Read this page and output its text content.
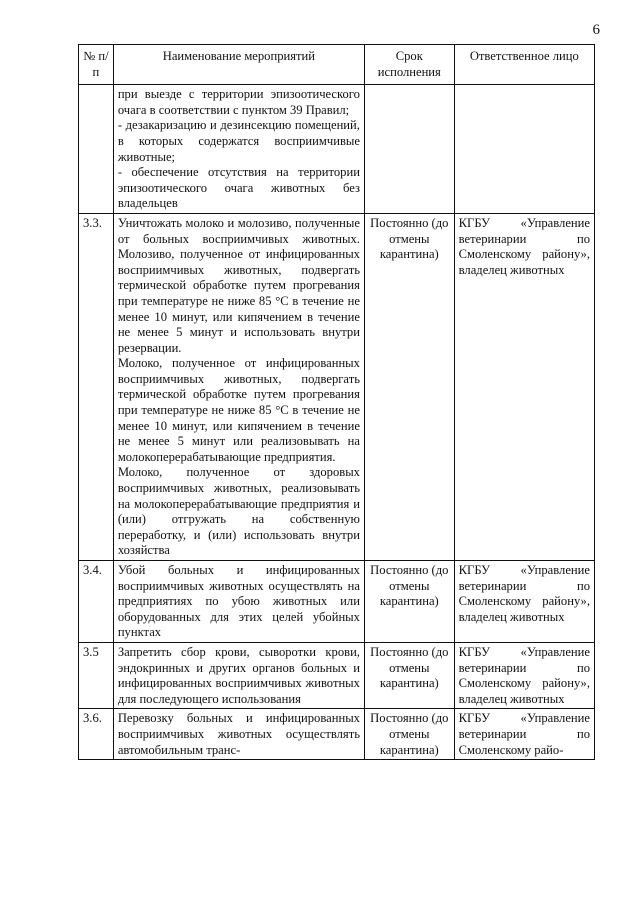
6
№ п/п	Наименование мероприятий	Срок исполнения	Ответственное лицо

	при выезде с территории эпизоотического очага в соответствии с пунктом 39 Правил;
- дезакаризацию и дезинсекцию помещений, в которых содержатся восприимчивые животные;
- обеспечение отсутствия на территории эпизоотического очага животных без владельцев		

3.3.	Уничтожать молоко и молозиво, полученные от больных восприимчивых животных. Молозиво, полученное от инфицированных восприимчивых животных, подвергать термической обработке путем прогревания при температуре не ниже 85 °С в течение не менее 10 минут, или кипячением в течение не менее 5 минут и использовать внутри резервации.
Молоко, полученное от инфицированных восприимчивых животных, подвергать термической обработке путем прогревания при температуре не ниже 85 °С в течение не менее 10 минут, или кипячением в течение не менее 5 минут или реализовывать на молокоперерабатывающие предприятия.
Молоко, полученное от здоровых восприимчивых животных, реализовывать на молокоперерабатывающие предприятия и (или) отгружать на собственную переработку, и (или) использовать внутри хозяйства	Постоянно (до отмены карантина)	КГБУ «Управление ветеринарии по Смоленскому району», владелец животных
3.4.	Убой больных и инфицированных восприимчивых животных осуществлять на предприятиях по убою животных или оборудованных для этих целей убойных пунктах	Постоянно (до отмены карантина)	КГБУ «Управление ветеринарии по Смоленскому району», владелец животных
3.5	Запретить сбор крови, сыворотки крови, эндокринных и других органов больных и инфицированных восприимчивых животных для последующего использования	Постоянно (до отмены карантина)	КГБУ «Управление ветеринарии по Смоленскому району», владелец животных
3.6.	Перевозку больных и инфицированных восприимчивых животных осуществлять автомобильным транс-	Постоянно (до отмены карантина)	КГБУ «Управление ветеринарии по Смоленскому райо-
